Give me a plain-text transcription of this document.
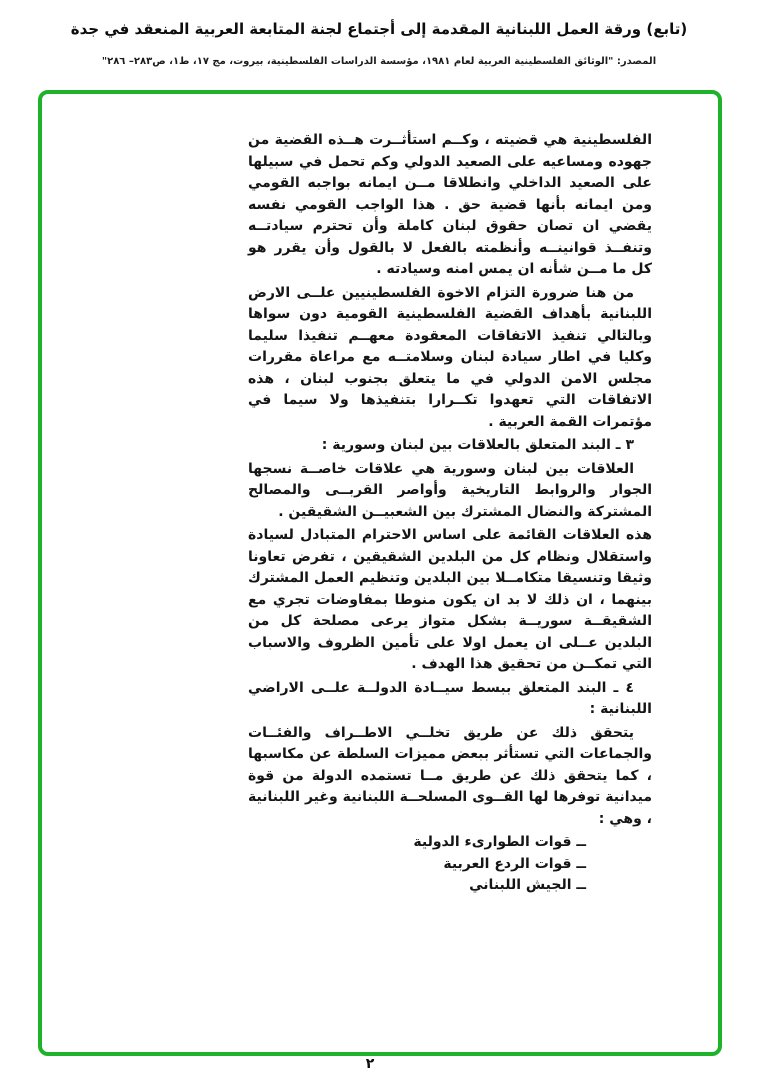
(تابع) ورقة العمل اللبنانية المقدمة إلى أجتماع لجنة المتابعة العربية المنعقد في جدة
المصدر: "الوثائق الفلسطينية العربية لعام ١٩٨١، مؤسسة الدراسات الفلسطينية، بيروت، مج ١٧، ط١، ص٢٨٣– ٢٨٦"

الفلسطينية هي قضيته ، وكــم استأثــرت هــذه القضية من جهوده ومساعيه على الصعيد الدولي وكم تحمل في سبيلها على الصعيد الداخلي وانطلاقا مــن ايمانه بواجبه القومي ومن ايمانه بأنها قضية حق . هذا الواجب القومي نفسه يقضي ان تصان حقوق لبنان كاملة وأن تحترم سيادتــه وتنفــذ قوانينــه وأنظمته بالفعل لا بالقول وأن يقرر هو كل ما مــن شأنه ان يمس امنه وسيادته .

من هنا ضرورة التزام الاخوة الفلسطينيين علــى الارض اللبنانية بأهداف القضية الفلسطينية القومية دون سواها وبالتالي تنفيذ الاتفاقات المعقودة معهــم تنفيذا سليما وكليا في اطار سيادة لبنان وسلامتــه مع مراعاة مقررات مجلس الامن الدولي في ما يتعلق بجنوب لبنان ، هذه الاتفاقات التي تعهدوا تكــرارا بتنفيذها ولا سيما في مؤتمرات القمة العربية .

٣ ـ البند المتعلق بالعلاقات بين لبنان وسورية :

العلاقات بين لبنان وسورية هي علاقات خاصــة نسجها الجوار والروابط التاريخية وأواصر القربــى والمصالح المشتركة والنضال المشترك بين الشعبيــن الشقيقين .

هذه العلاقات القائمة على اساس الاحترام المتبادل لسيادة واستقلال ونظام كل من البلدين الشقيقين ، تفرض تعاونا وثيقا وتنسيقا متكامــلا بين البلدين وتنظيم العمل المشترك بينهما ، ان ذلك لا بد ان يكون منوطا بمفاوضات تجري مع الشقيقــة سوريــة بشكل متواز يرعى مصلحة كل من البلدين عــلى ان يعمل اولا على تأمين الظروف والاسباب التي تمكــن من تحقيق هذا الهدف .

٤ ـ البند المتعلق ببسط سيــادة الدولــة علــى الاراضي اللبنانية :

يتحقق ذلك عن طريق تخلــي الاطــراف والفئــات والجماعات التي تستأثر ببعض مميزات السلطة عن مكاسبها ، كما يتحقق ذلك عن طريق مــا تستمده الدولة من قوة ميدانية توفرها لها القــوى المسلحــة اللبنانية وغير اللبنانية ، وهي :

ــ قوات الطوارىء الدولية

ــ قوات الردع العربية

ــ الجيش اللبناني

٢
